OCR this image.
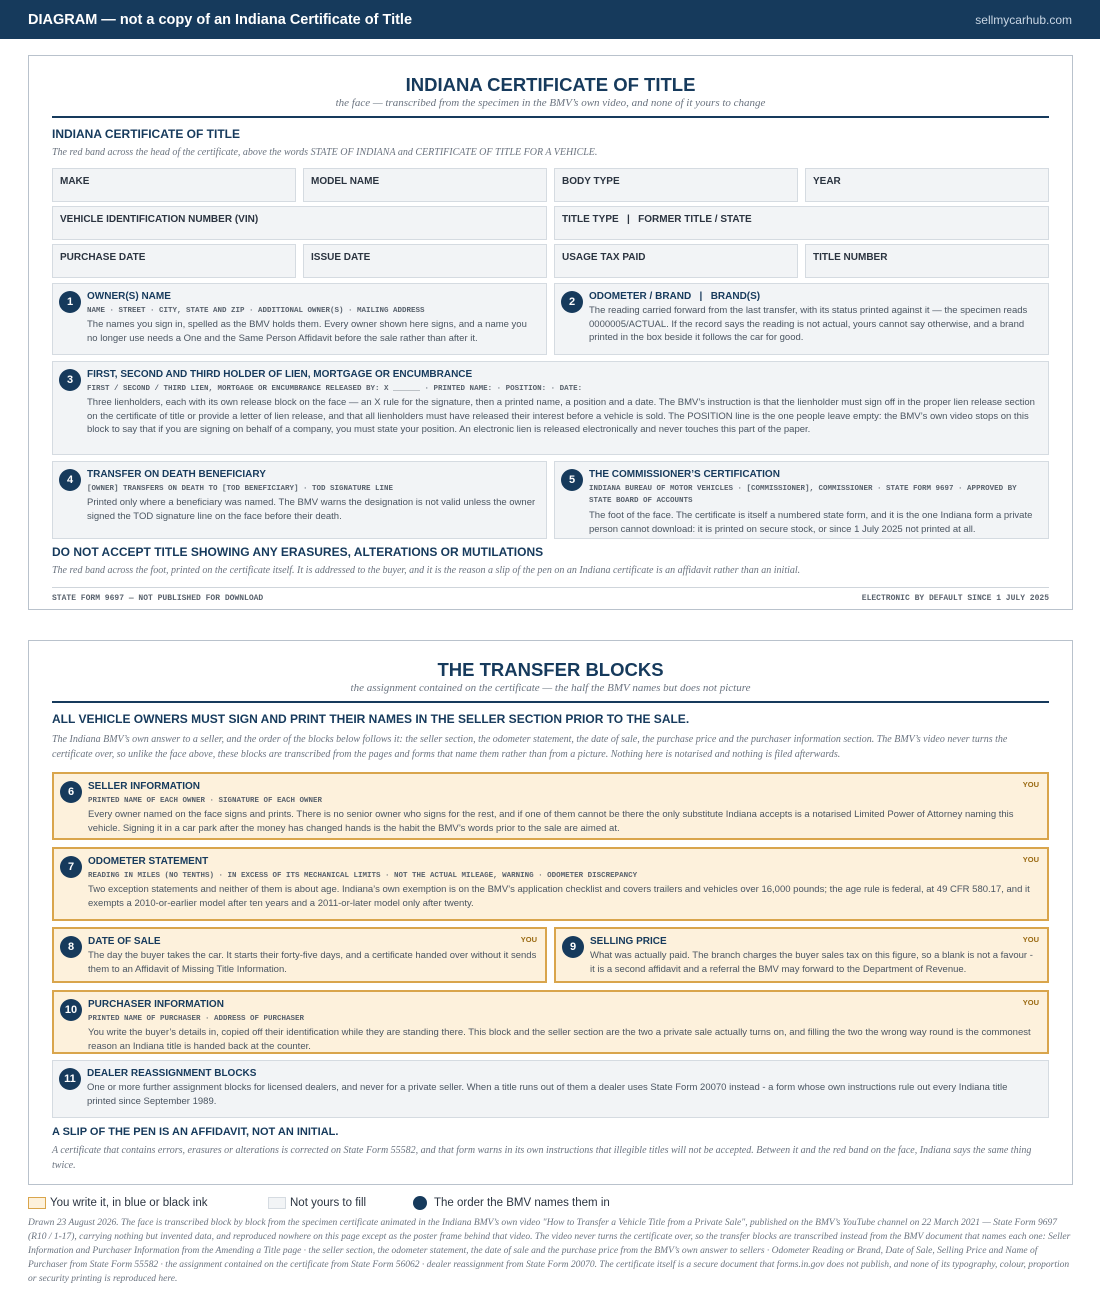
DIAGRAM — not a copy of an Indiana Certificate of Title	sellmycarhub.com
INDIANA CERTIFICATE OF TITLE
the face — transcribed from the specimen in the BMV’s own video, and none of it yours to change
INDIANA CERTIFICATE OF TITLE
The red band across the head of the certificate, above the words STATE OF INDIANA and CERTIFICATE OF TITLE FOR A VEHICLE.
MAKE	MODEL NAME	BODY TYPE	YEAR
VEHICLE IDENTIFICATION NUMBER (VIN)	TITLE TYPE   |   FORMER TITLE / STATE
PURCHASE DATE	ISSUE DATE	USAGE TAX PAID	TITLE NUMBER
1	OWNER(S) NAME
NAME · STREET · CITY, STATE AND ZIP · ADDITIONAL OWNER(S) · MAILING ADDRESS
The names you sign in, spelled as the BMV holds them. Every owner shown here signs, and a name you no longer use needs a One and the Same Person Affidavit before the sale rather than after it.
2	ODOMETER / BRAND   |   BRAND(S)
The reading carried forward from the last transfer, with its status printed against it — the specimen reads 0000005/ACTUAL. If the record says the reading is not actual, yours cannot say otherwise, and a brand printed in the box beside it follows the car for good.
3	FIRST, SECOND AND THIRD HOLDER OF LIEN, MORTGAGE OR ENCUMBRANCE
FIRST / SECOND / THIRD LIEN, MORTGAGE OR ENCUMBRANCE RELEASED BY: X ______ · PRINTED NAME: · POSITION: · DATE:
Three lienholders, each with its own release block on the face — an X rule for the signature, then a printed name, a position and a date. The BMV’s instruction is that the lienholder must sign off in the proper lien release section on the certificate of title or provide a letter of lien release, and that all lienholders must have released their interest before a vehicle is sold. The POSITION line is the one people leave empty: the BMV’s own video stops on this block to say that if you are signing on behalf of a company, you must state your position. An electronic lien is released electronically and never touches this part of the paper.
4	TRANSFER ON DEATH BENEFICIARY
[OWNER] TRANSFERS ON DEATH TO [TOD BENEFICIARY] · TOD SIGNATURE LINE
Printed only where a beneficiary was named. The BMV warns the designation is not valid unless the owner signed the TOD signature line on the face before their death.
5	THE COMMISSIONER’S CERTIFICATION
INDIANA BUREAU OF MOTOR VEHICLES · [COMMISSIONER], COMMISSIONER · STATE FORM 9697 · APPROVED BY STATE BOARD OF ACCOUNTS
The foot of the face. The certificate is itself a numbered state form, and it is the one Indiana form a private person cannot download: it is printed on secure stock, or since 1 July 2025 not printed at all.
DO NOT ACCEPT TITLE SHOWING ANY ERASURES, ALTERATIONS OR MUTILATIONS
The red band across the foot, printed on the certificate itself. It is addressed to the buyer, and it is the reason a slip of the pen on an Indiana certificate is an affidavit rather than an initial.
STATE FORM 9697 — NOT PUBLISHED FOR DOWNLOAD	ELECTRONIC BY DEFAULT SINCE 1 JULY 2025
THE TRANSFER BLOCKS
the assignment contained on the certificate — the half the BMV names but does not picture
ALL VEHICLE OWNERS MUST SIGN AND PRINT THEIR NAMES IN THE SELLER SECTION PRIOR TO THE SALE.
The Indiana BMV’s own answer to a seller, and the order of the blocks below follows it: the seller section, the odometer statement, the date of sale, the purchase price and the purchaser information section. The BMV’s video never turns the certificate over, so unlike the face above, these blocks are transcribed from the pages and forms that name them rather than from a picture. Nothing here is notarised and nothing is filed afterwards.
6	SELLER INFORMATION
PRINTED NAME OF EACH OWNER · SIGNATURE OF EACH OWNER
Every owner named on the face signs and prints. There is no senior owner who signs for the rest, and if one of them cannot be there the only substitute Indiana accepts is a notarised Limited Power of Attorney naming this vehicle. Signing it in a car park after the money has changed hands is the habit the BMV’s words prior to the sale are aimed at.
YOU
7	ODOMETER STATEMENT
READING IN MILES (NO TENTHS) · IN EXCESS OF ITS MECHANICAL LIMITS · NOT THE ACTUAL MILEAGE, WARNING · ODOMETER DISCREPANCY
Two exception statements and neither of them is about age. Indiana’s own exemption is on the BMV’s application checklist and covers trailers and vehicles over 16,000 pounds; the age rule is federal, at 49 CFR 580.17, and it exempts a 2010-or-earlier model after ten years and a 2011-or-later model only after twenty.
YOU
8	DATE OF SALE
The day the buyer takes the car. It starts their forty-five days, and a certificate handed over without it sends them to an Affidavit of Missing Title Information.
YOU
9	SELLING PRICE
What was actually paid. The branch charges the buyer sales tax on this figure, so a blank is not a favour - it is a second affidavit and a referral the BMV may forward to the Department of Revenue.
YOU
10	PURCHASER INFORMATION
PRINTED NAME OF PURCHASER · ADDRESS OF PURCHASER
You write the buyer’s details in, copied off their identification while they are standing there. This block and the seller section are the two a private sale actually turns on, and filling the two the wrong way round is the commonest reason an Indiana title is handed back at the counter.
YOU
11	DEALER REASSIGNMENT BLOCKS
One or more further assignment blocks for licensed dealers, and never for a private seller. When a title runs out of them a dealer uses State Form 20070 instead - a form whose own instructions rule out every Indiana title printed since September 1989.
A SLIP OF THE PEN IS AN AFFIDAVIT, NOT AN INITIAL.
A certificate that contains errors, erasures or alterations is corrected on State Form 55582, and that form warns in its own instructions that illegible titles will not be accepted. Between it and the red band on the face, Indiana says the same thing twice.
You write it, in blue or black ink	Not yours to fill	The order the BMV names them in
Drawn 23 August 2026. The face is transcribed block by block from the specimen certificate animated in the Indiana BMV’s own video "How to Transfer a Vehicle Title from a Private Sale", published on the BMV’s YouTube channel on 22 March 2021 — State Form 9697 (R10 / 1-17), carrying nothing but invented data, and reproduced nowhere on this page except as the poster frame behind that video. The video never turns the certificate over, so the transfer blocks are transcribed instead from the BMV document that names each one: Seller Information and Purchaser Information from the Amending a Title page · the seller section, the odometer statement, the date of sale and the purchase price from the BMV’s own answer to sellers · Odometer Reading or Brand, Date of Sale, Selling Price and Name of Purchaser from State Form 55582 · the assignment contained on the certificate from State Form 56062 · dealer reassignment from State Form 20070. The certificate itself is a secure document that forms.in.gov does not publish, and none of its typography, colour, proportion or security printing is reproduced here.
